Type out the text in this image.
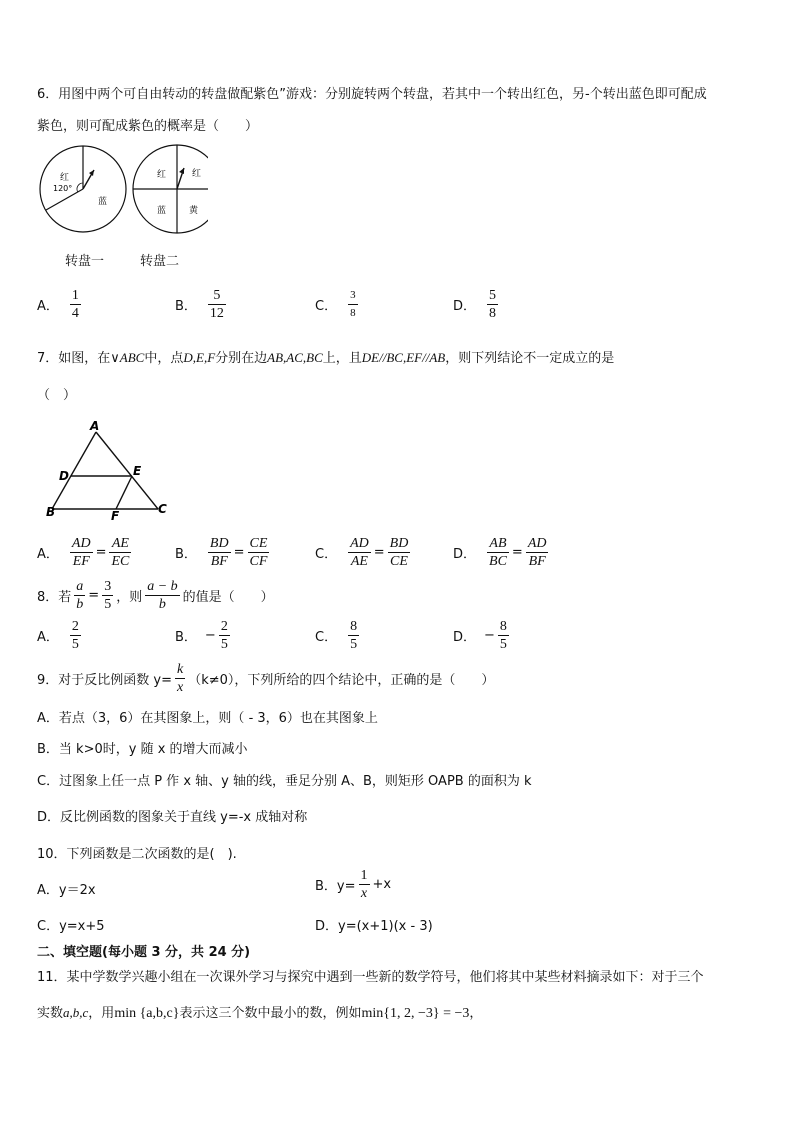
6．用图中两个可自由转动的转盘做配紫色”游戏：分别旋转两个转盘，若其中一个转出红色，另-个转出蓝色即可配成
紫色，则可配成紫色的概率是（　　）
红
120°
蓝
红	红
蓝	黄
转盘一	转盘二
A． $\frac{1}{4}$	B． $\frac{5}{12}$	C． $\frac{3}{8}$	D． $\frac{5}{8}$
7．如图，在∨ABC中，点D,E,F分别在边AB,AC,BC上，且DE//BC,EF//AB，则下列结论不一定成立的是
（　）
A
D	E
B	F	C
A． $\frac{AD}{EF} = \frac{AE}{EC}$	B． $\frac{BD}{BF} = \frac{CE}{CF}$	C． $\frac{AD}{AE} = \frac{BD}{CE}$	D． $\frac{AB}{BC} = \frac{AD}{BF}$
8．若 $\frac{a}{b} = \frac{3}{5}$ ，则 $\frac{a - b}{b}$ 的值是（　　）
A． $\frac{2}{5}$	B． − $\frac{2}{5}$	C． $\frac{8}{5}$	D． − $\frac{8}{5}$
9．对于反比例函数 $y= \frac{k}{x} (k\ne 0)$，下列所给的四个结论中，正确的是（　　）
A．若点（3，6）在其图象上，则（ - 3，6）也在其图象上
B．当 k>0时，y 随 x 的增大而减小
C．过图象上任一点 P 作 x 轴、y 轴的线，垂足分别 A、B，则矩形 OAPB 的面积为 k
D．反比例函数的图象关于直线 y=-x 成轴对称
10．下列函数是二次函数的是(　).
A．y＝2x	B．$y= \frac{1}{x} +x$
C．y=x+5	D．y=(x+1)(x - 3)
二、填空题(每小题 3 分，共 24 分)
11．某中学数学兴趣小组在一次课外学习与探究中遇到一些新的数学符号，他们将其中某些材料摘录如下：对于三个
实数a,b,c，用min {a,b,c}表示这三个数中最小的数，例如min{1, 2, −3} = −3，
